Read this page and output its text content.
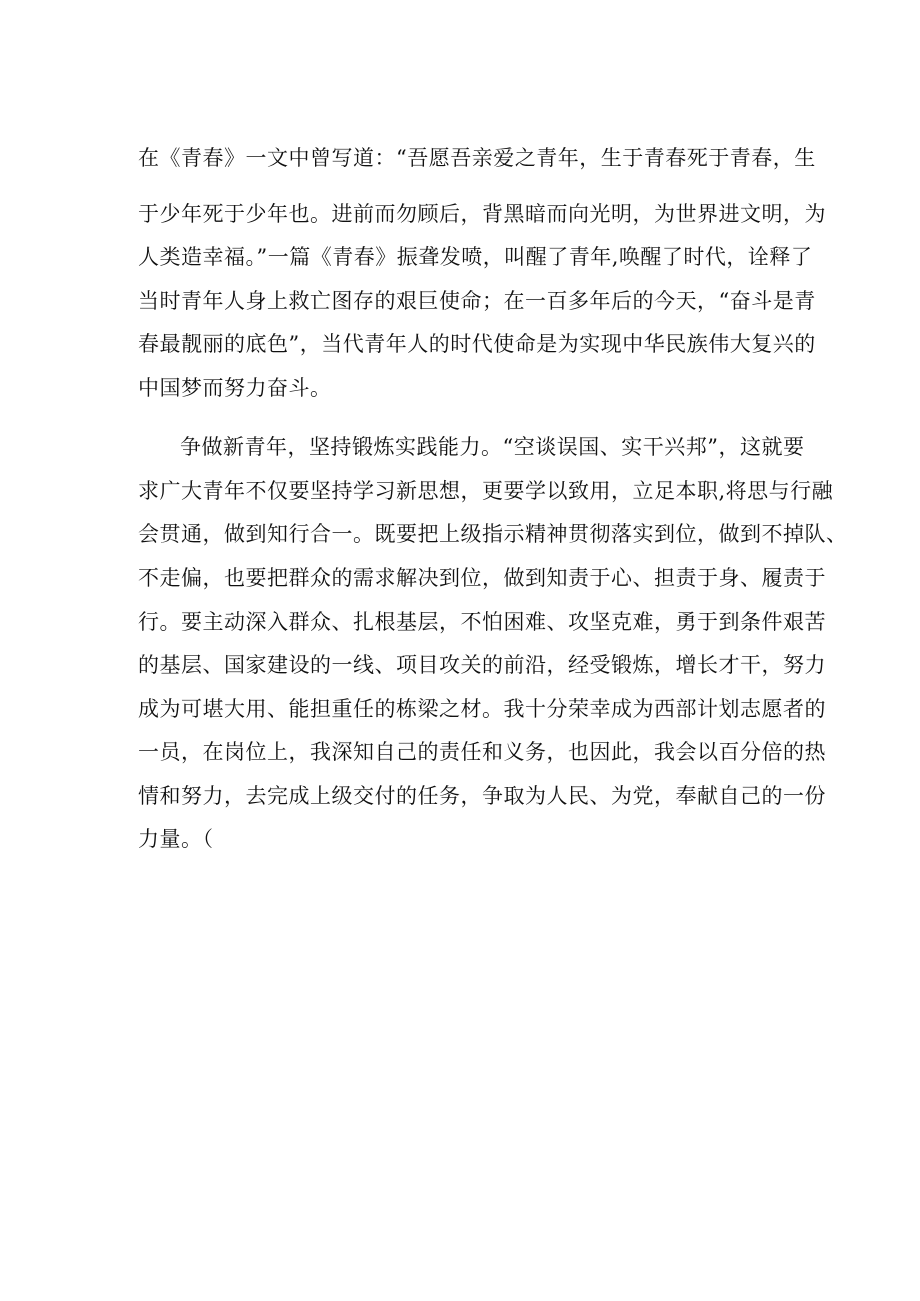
在《青春》一文中曾写道：“吾愿吾亲爱之青年，生于青春死于青春，生

于少年死于少年也。进前而勿顾后，背黑暗而向光明，为世界进文明，为

人类造幸福。”一篇《青春》振聋发喷，叫醒了青年,唤醒了时代，诠释了

当时青年人身上救亡图存的艰巨使命；在一百多年后的今天，“奋斗是青

春最靓丽的底色”，当代青年人的时代使命是为实现中华民族伟大复兴的

中国梦而努力奋斗。

争做新青年，坚持锻炼实践能力。“空谈误国、实干兴邦”，这就要

求广大青年不仅要坚持学习新思想，更要学以致用，立足本职,将思与行融

会贯通，做到知行合一。既要把上级指示精神贯彻落实到位，做到不掉队、

不走偏，也要把群众的需求解决到位，做到知责于心、担责于身、履责于

行。要主动深入群众、扎根基层，不怕困难、攻坚克难，勇于到条件艰苦

的基层、国家建设的一线、项目攻关的前沿，经受锻炼，增长才干，努力

成为可堪大用、能担重任的栋梁之材。我十分荣幸成为西部计划志愿者的

一员，在岗位上，我深知自己的责任和义务，也因此，我会以百分倍的热

情和努力，去完成上级交付的任务，争取为人民、为党，奉献自己的一份

力量。（
